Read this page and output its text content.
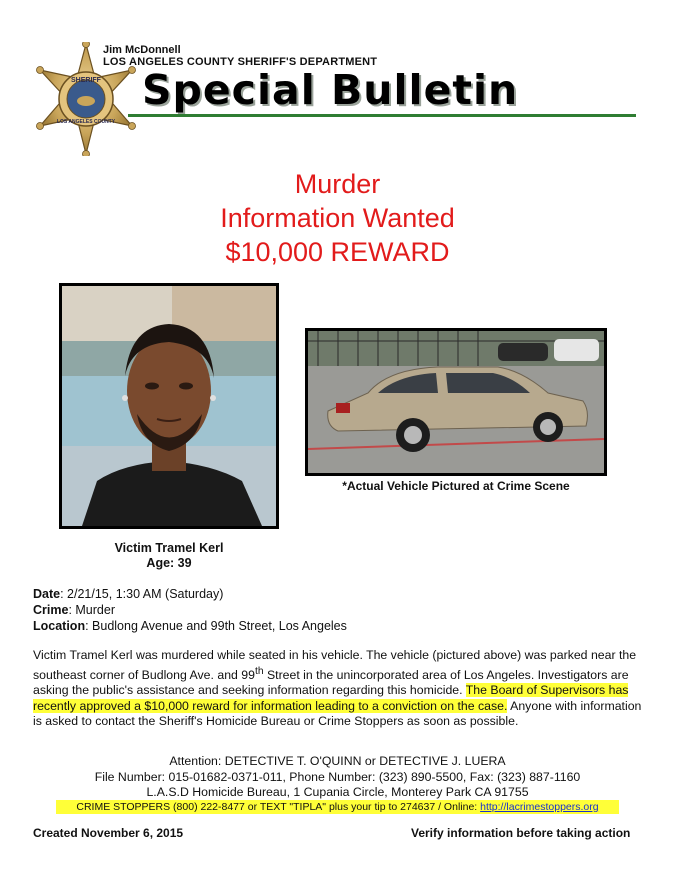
SHERIFF
LOS ANGELES COUNTY
Jim McDonnell
LOS ANGELES COUNTY SHERIFF'S DEPARTMENT
Special Bulletin
Murder
Information Wanted
$10,000 REWARD
*Actual Vehicle Pictured at Crime Scene
Victim Tramel Kerl
Age: 39
Date: 2/21/15, 1:30 AM (Saturday)
Crime: Murder
Location: Budlong Avenue and 99th Street, Los Angeles
Victim Tramel Kerl was murdered while seated in his vehicle. The vehicle (pictured above) was parked near the southeast corner of Budlong Ave. and 99th Street in the unincorporated area of Los Angeles. Investigators are asking the public's assistance and seeking information regarding this homicide. The Board of Supervisors has recently approved a $10,000 reward for information leading to a conviction on the case. Anyone with information is asked to contact the Sheriff's Homicide Bureau or Crime Stoppers as soon as possible.
Attention: DETECTIVE T. O'QUINN or DETECTIVE J. LUERA
File Number: 015-01682-0371-011, Phone Number: (323) 890-5500, Fax: (323) 887-1160
L.A.S.D Homicide Bureau, 1 Cupania Circle, Monterey Park CA 91755
CRIME STOPPERS (800) 222-8477 or TEXT "TIPLA" plus your tip to 274637 / Online: http://lacrimestoppers.org
Created November 6, 2015	Verify information before taking action
